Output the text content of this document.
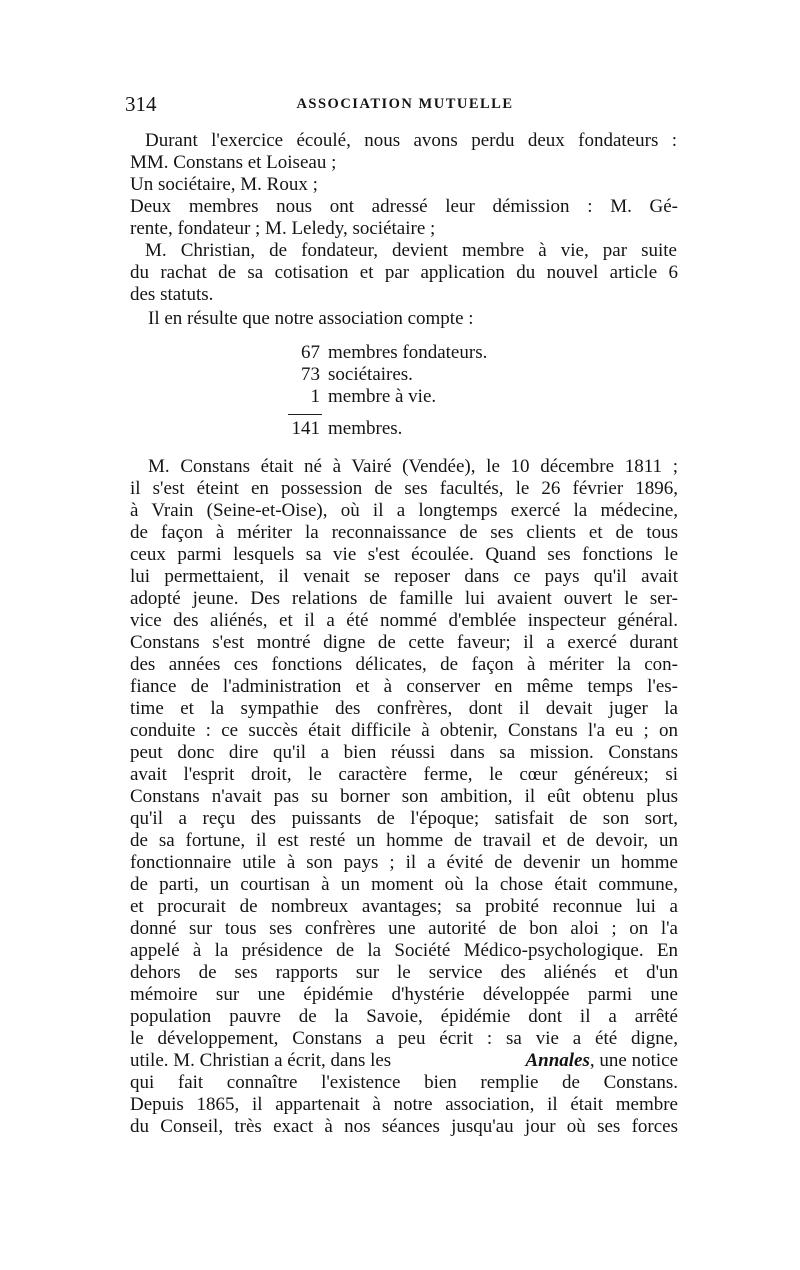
314	ASSOCIATION MUTUELLE
Durant l'exercice écoulé, nous avons perdu deux fondateurs :
MM. Constans et Loiseau ;
Un sociétaire, M. Roux ;
Deux membres nous ont adressé leur démission : M. Gé-
rente, fondateur ; M. Leledy, sociétaire ;
M. Christian, de fondateur, devient membre à vie, par suite
du rachat de sa cotisation et par application du nouvel article 6
des statuts.
Il en résulte que notre association compte :
67 membres fondateurs.
73 sociétaires.
1 membre à vie.
141 membres.
M. Constans était né à Vairé (Vendée), le 10 décembre 1811 ;
il s'est éteint en possession de ses facultés, le 26 février 1896,
à Vrain (Seine-et-Oise), où il a longtemps exercé la médecine,
de façon à mériter la reconnaissance de ses clients et de tous
ceux parmi lesquels sa vie s'est écoulée. Quand ses fonctions le
lui permettaient, il venait se reposer dans ce pays qu'il avait
adopté jeune. Des relations de famille lui avaient ouvert le ser-
vice des aliénés, et il a été nommé d'emblée inspecteur général.
Constans s'est montré digne de cette faveur; il a exercé durant
des années ces fonctions délicates, de façon à mériter la con-
fiance de l'administration et à conserver en même temps l'es-
time et la sympathie des confrères, dont il devait juger la
conduite : ce succès était difficile à obtenir, Constans l'a eu ; on
peut donc dire qu'il a bien réussi dans sa mission. Constans
avait l'esprit droit, le caractère ferme, le cœur généreux; si
Constans n'avait pas su borner son ambition, il eût obtenu plus
qu'il a reçu des puissants de l'époque; satisfait de son sort,
de sa fortune, il est resté un homme de travail et de devoir, un
fonctionnaire utile à son pays ; il a évité de devenir un homme
de parti, un courtisan à un moment où la chose était commune,
et procurait de nombreux avantages; sa probité reconnue lui a
donné sur tous ses confrères une autorité de bon aloi ; on l'a
appelé à la présidence de la Société Médico-psychologique. En
dehors de ses rapports sur le service des aliénés et d'un
mémoire sur une épidémie d'hystérie développée parmi une
population pauvre de la Savoie, épidémie dont il a arrêté
le développement, Constans a peu écrit : sa vie a été digne,
utile. M. Christian a écrit, dans les	Annales, une notice
qui fait connaître l'existence bien remplie de Constans.
Depuis 1865, il appartenait à notre association, il était membre
du Conseil, très exact à nos séances jusqu'au jour où ses forces
